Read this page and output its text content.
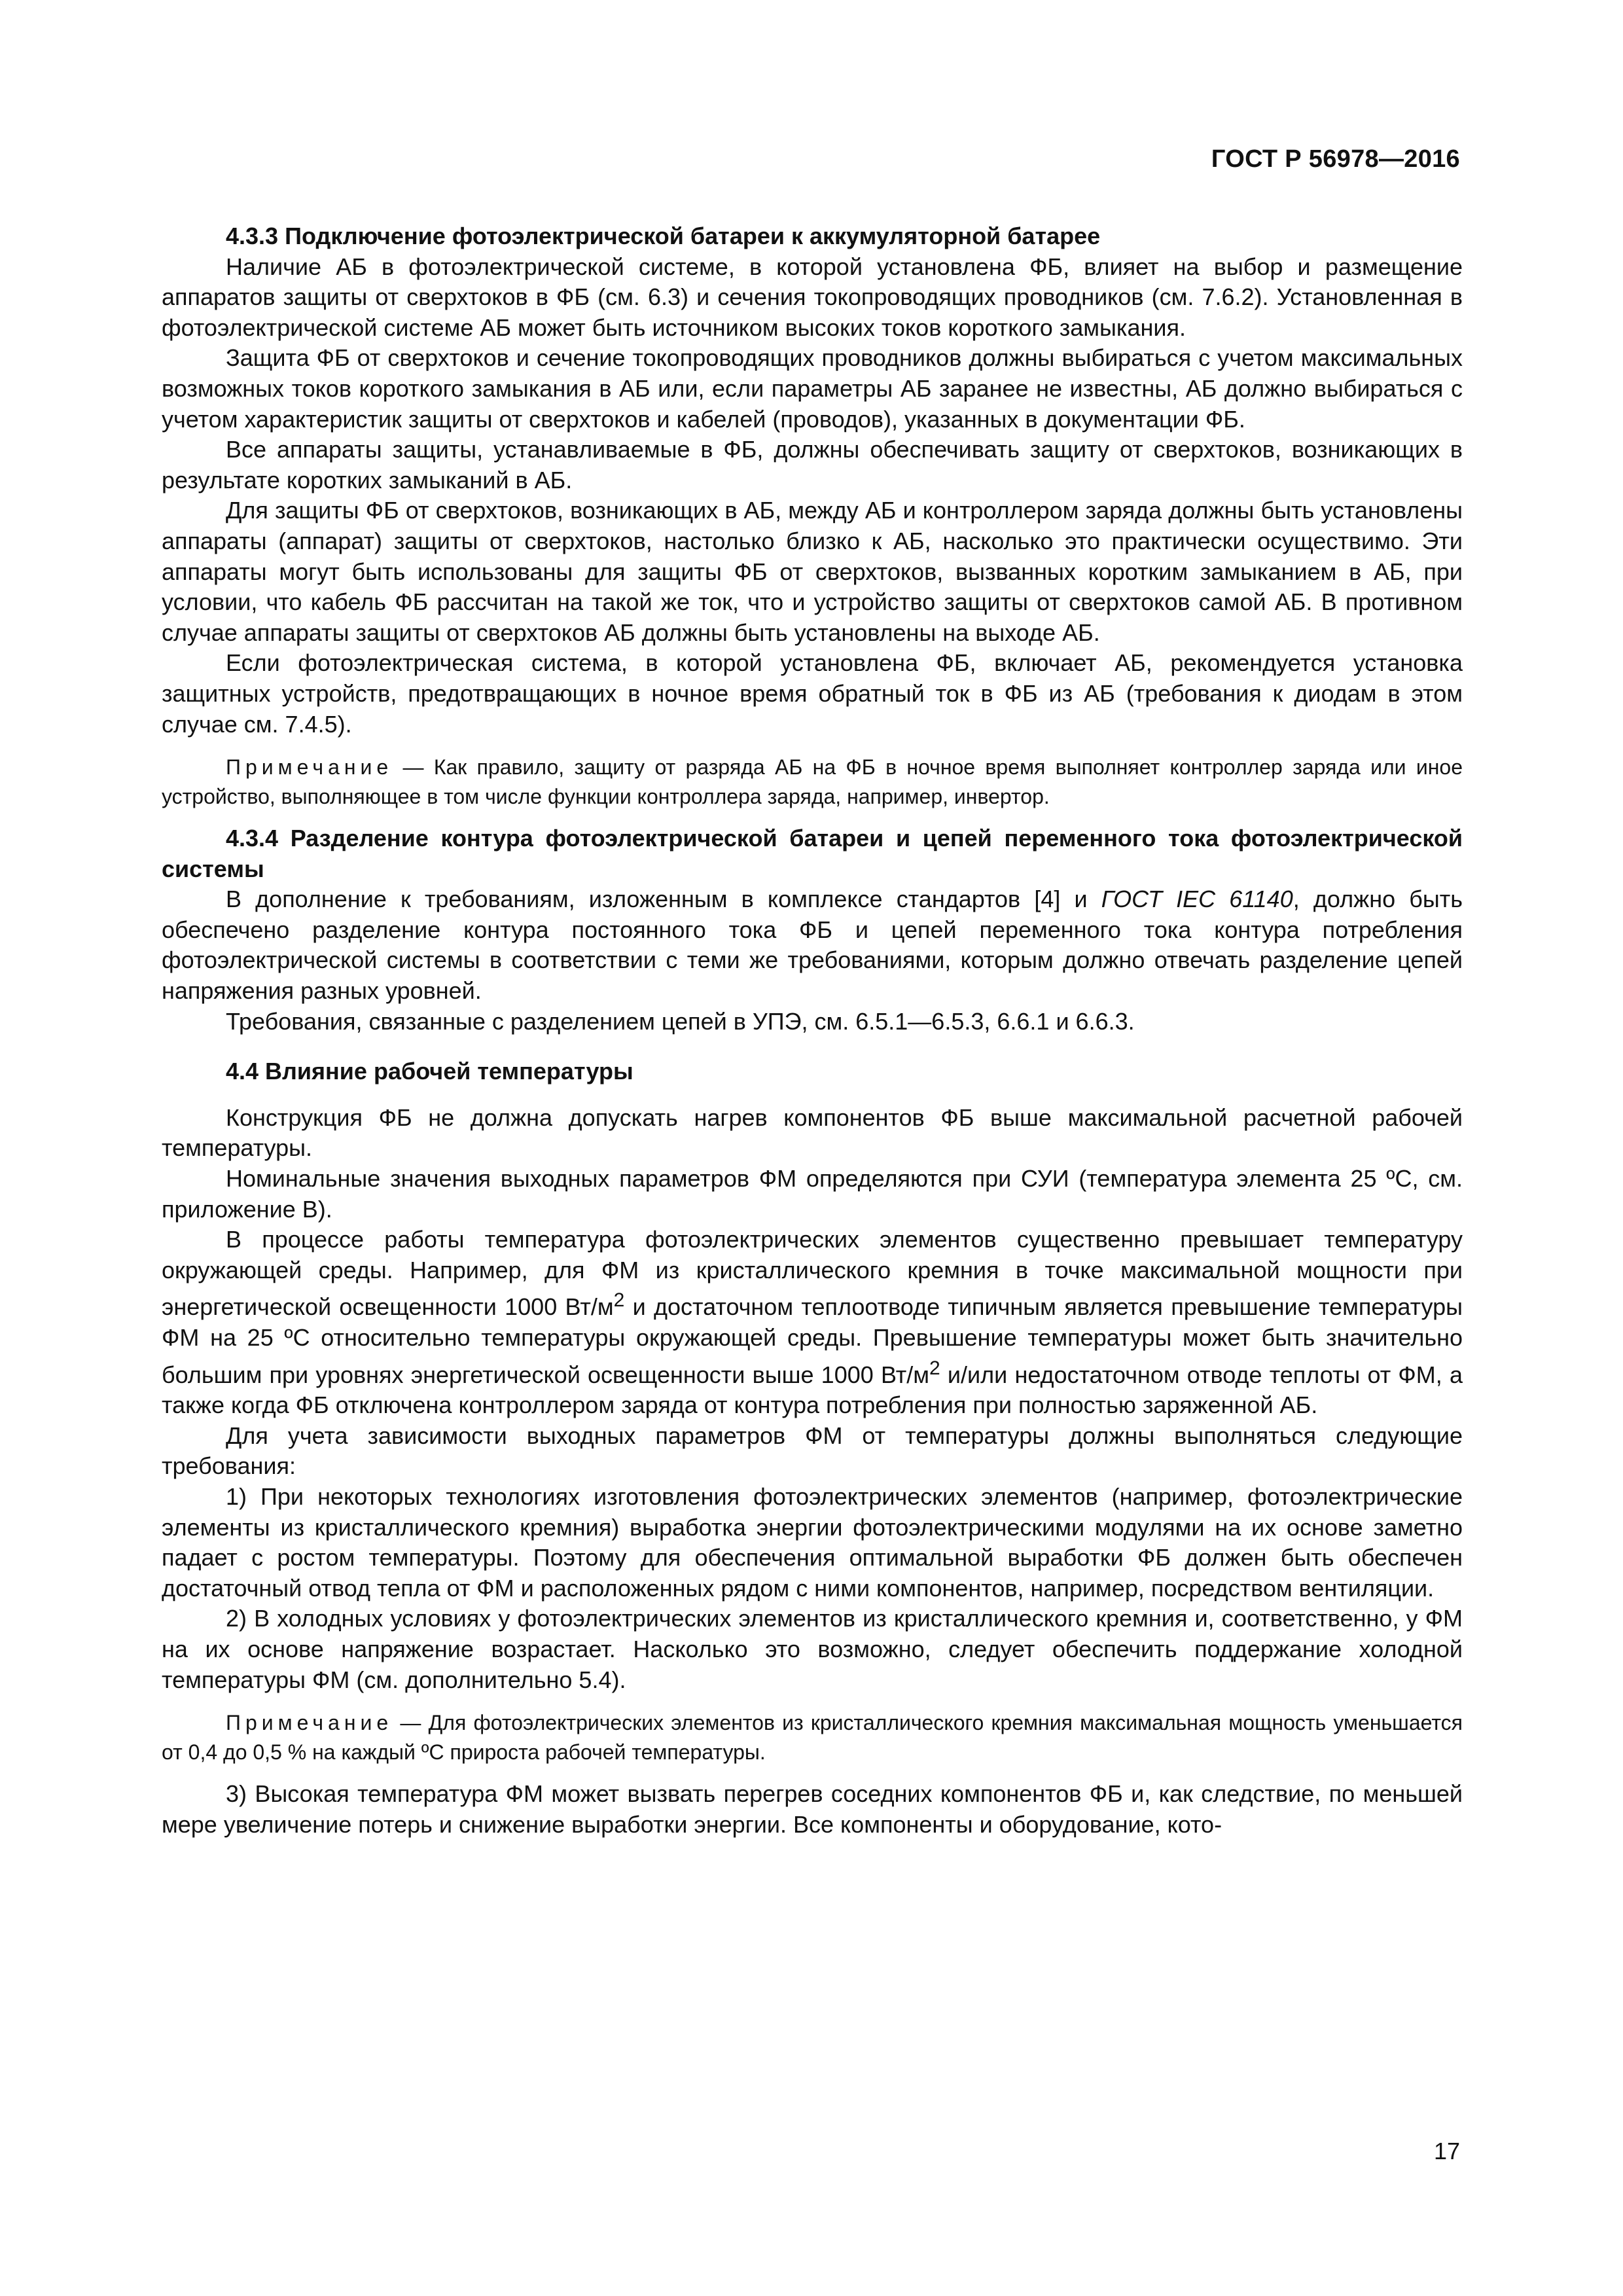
ГОСТ Р 56978—2016

4.3.3 Подключение фотоэлектрической батареи к аккумуляторной батарее

Наличие АБ в фотоэлектрической системе, в которой установлена ФБ, влияет на выбор и размещение аппаратов защиты от сверхтоков в ФБ (см. 6.3) и сечения токопроводящих проводников (см. 7.6.2). Установленная в фотоэлектрической системе АБ может быть источником высоких токов короткого замыкания.

Защита ФБ от сверхтоков и сечение токопроводящих проводников должны выбираться с учетом максимальных возможных токов короткого замыкания в АБ или, если параметры АБ заранее не известны, АБ должно выбираться с учетом характеристик защиты от сверхтоков и кабелей (проводов), указанных в документации ФБ.

Все аппараты защиты, устанавливаемые в ФБ, должны обеспечивать защиту от сверхтоков, возникающих в результате коротких замыканий в АБ.

Для защиты ФБ от сверхтоков, возникающих в АБ, между АБ и контроллером заряда должны быть установлены аппараты (аппарат) защиты от сверхтоков, настолько близко к АБ, насколько это практически осуществимо. Эти аппараты могут быть использованы для защиты ФБ от сверхтоков, вызванных коротким замыканием в АБ, при условии, что кабель ФБ рассчитан на такой же ток, что и устройство защиты от сверхтоков самой АБ. В противном случае аппараты защиты от сверхтоков АБ должны быть установлены на выходе АБ.

Если фотоэлектрическая система, в которой установлена ФБ, включает АБ, рекомендуется установка защитных устройств, предотвращающих в ночное время обратный ток в ФБ из АБ (требования к диодам в этом случае см. 7.4.5).

Примечание — Как правило, защиту от разряда АБ на ФБ в ночное время выполняет контроллер заряда или иное устройство, выполняющее в том числе функции контроллера заряда, например, инвертор.

4.3.4 Разделение контура фотоэлектрической батареи и цепей переменного тока фотоэлектрической системы

В дополнение к требованиям, изложенным в комплексе стандартов [4] и ГОСТ IEC 61140, должно быть обеспечено разделение контура постоянного тока ФБ и цепей переменного тока контура потребления фотоэлектрической системы в соответствии с теми же требованиями, которым должно отвечать разделение цепей напряжения разных уровней.

Требования, связанные с разделением цепей в УПЭ, см. 6.5.1—6.5.3, 6.6.1 и 6.6.3.

4.4 Влияние рабочей температуры

Конструкция ФБ не должна допускать нагрев компонентов ФБ выше максимальной расчетной рабочей температуры.

Номинальные значения выходных параметров ФМ определяются при СУИ (температура элемента 25 ºC, см. приложение В).

В процессе работы температура фотоэлектрических элементов существенно превышает температуру окружающей среды. Например, для ФМ из кристаллического кремния в точке максимальной мощности при энергетической освещенности 1000 $Вт/м^2$ и достаточном теплоотводе типичным является превышение температуры ФМ на 25 ºС относительно температуры окружающей среды. Превышение температуры может быть значительно большим при уровнях энергетической освещенности выше 1000 $Вт/м^2$ и/или недостаточном отводе теплоты от ФМ, а также когда ФБ отключена контроллером заряда от контура потребления при полностью заряженной АБ.

Для учета зависимости выходных параметров ФМ от температуры должны выполняться следующие требования:

1) При некоторых технологиях изготовления фотоэлектрических элементов (например, фотоэлектрические элементы из кристаллического кремния) выработка энергии фотоэлектрическими модулями на их основе заметно падает с ростом температуры. Поэтому для обеспечения оптимальной выработки ФБ должен быть обеспечен достаточный отвод тепла от ФМ и расположенных рядом с ними компонентов, например, посредством вентиляции.

2) В холодных условиях у фотоэлектрических элементов из кристаллического кремния и, соответственно, у ФМ на их основе напряжение возрастает. Насколько это возможно, следует обеспечить поддержание холодной температуры ФМ (см. дополнительно 5.4).

Примечание — Для фотоэлектрических элементов из кристаллического кремния максимальная мощность уменьшается от 0,4 до 0,5 % на каждый ºС прироста рабочей температуры.

3) Высокая температура ФМ может вызвать перегрев соседних компонентов ФБ и, как следствие, по меньшей мере увеличение потерь и снижение выработки энергии. Все компоненты и оборудование, кото-

17
